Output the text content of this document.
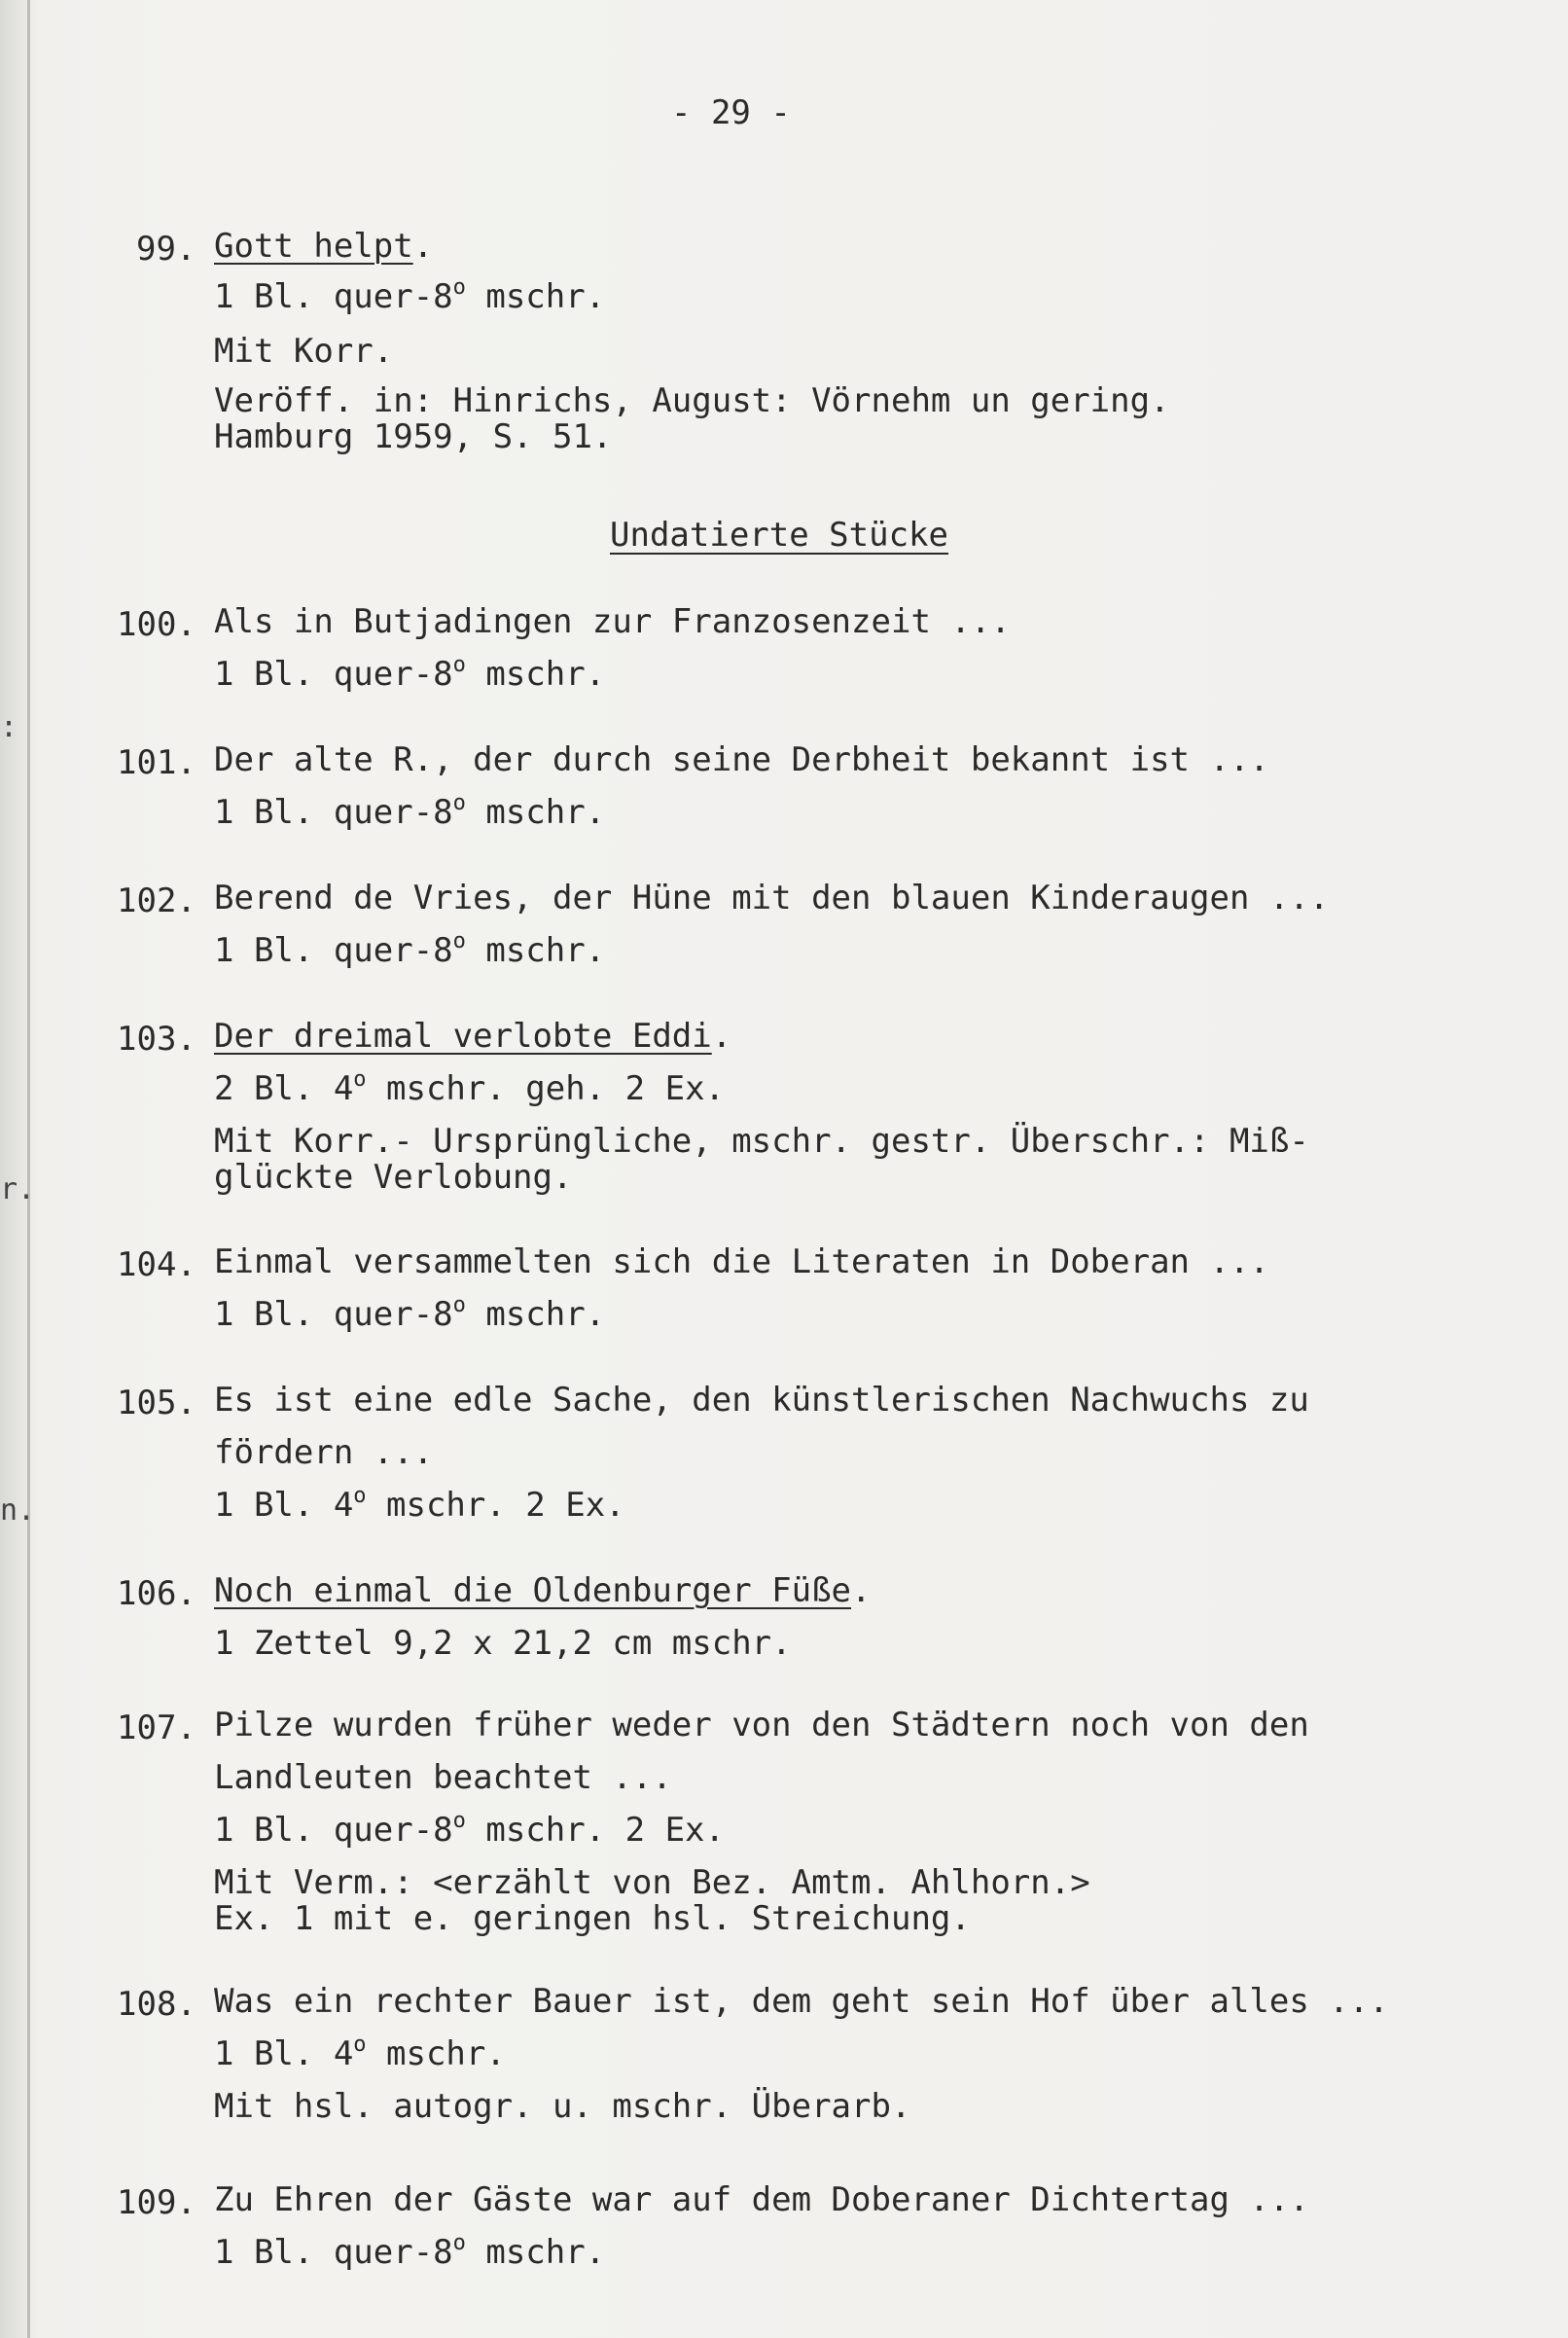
:
r.
n.
- 29 -
99. Gott helpt.
1 Bl. quer-8$^o$ mschr.
Mit Korr.
Veröff. in: Hinrichs, August: Vörnehm un gering.
Hamburg 1959, S. 51.
Undatierte Stücke
100. Als in Butjadingen zur Franzosenzeit ...
1 Bl. quer-8$^o$ mschr.
101. Der alte R., der durch seine Derbheit bekannt ist ...
1 Bl. quer-8$^o$ mschr.
102. Berend de Vries, der Hüne mit den blauen Kinderaugen ...
1 Bl. quer-8$^o$ mschr.
103. Der dreimal verlobte Eddi.
2 Bl. 4$^o$ mschr. geh. 2 Ex.
Mit Korr.- Ursprüngliche, mschr. gestr. Überschr.: Miß-
glückte Verlobung.
104. Einmal versammelten sich die Literaten in Doberan ...
1 Bl. quer-8$^o$ mschr.
105. Es ist eine edle Sache, den künstlerischen Nachwuchs zu
fördern ...
1 Bl. 4$^o$ mschr. 2 Ex.
106. Noch einmal die Oldenburger Füße.
1 Zettel 9,2 x 21,2 cm mschr.
107. Pilze wurden früher weder von den Städtern noch von den
Landleuten beachtet ...
1 Bl. quer-8$^o$ mschr. 2 Ex.
Mit Verm.: <erzählt von Bez. Amtm. Ahlhorn.>
Ex. 1 mit e. geringen hsl. Streichung.
108. Was ein rechter Bauer ist, dem geht sein Hof über alles ...
1 Bl. 4$^o$ mschr.
Mit hsl. autogr. u. mschr. Überarb.
109. Zu Ehren der Gäste war auf dem Doberaner Dichtertag ...
1 Bl. quer-8$^o$ mschr.
